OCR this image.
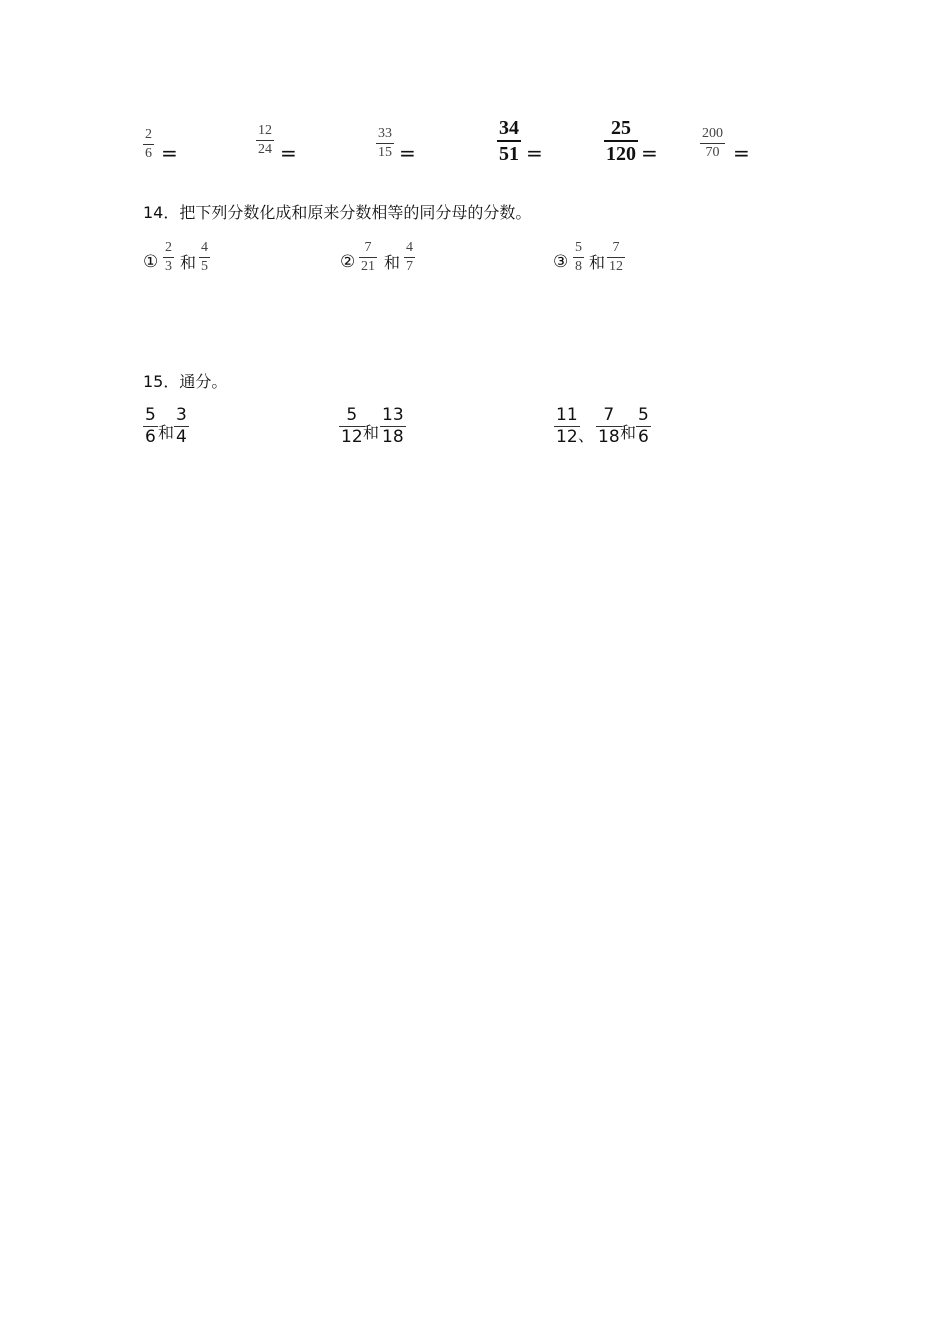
2
6 =
12
24 =
33
15 =
34
51 =
25
120 =
200
70 =
14．把下列分数化成和原来分数相等的同分母的分数。
①
2
3 和
4
5	②
7
21 和
4
7	③
5
8 和
7
12
15．通分。
5
6 和
3
4
5
12 和
13
18
11
12 、
7
18 和
5
6
